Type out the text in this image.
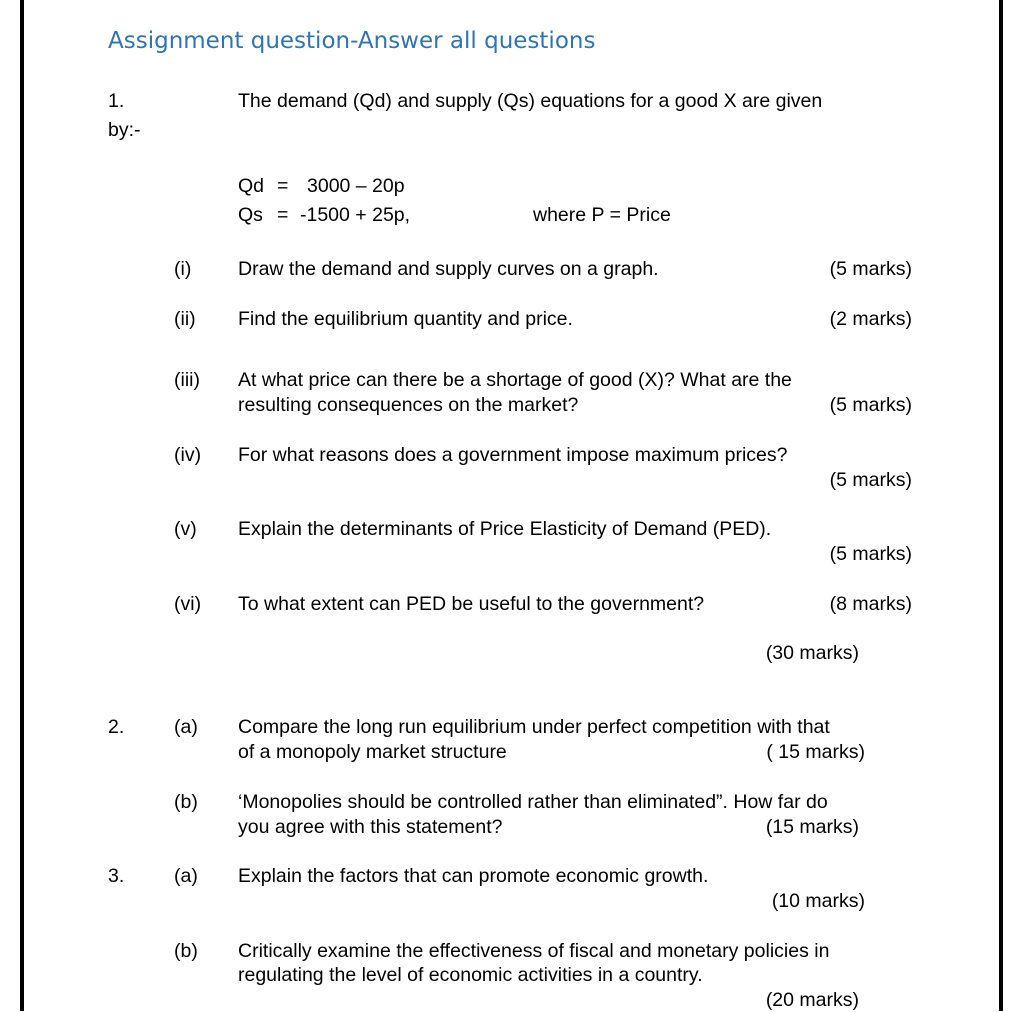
Assignment question-Answer all questions
1.	The demand (Qd) and supply (Qs) equations for a good X are given
by:-
Qd = 3000 – 20p
Qs = -1500 + 25p,	where P = Price
(i) Draw the demand and supply curves on a graph.	(5 marks)
(ii) Find the equilibrium quantity and price.	(2 marks)
(iii) At what price can there be a shortage of good (X)? What are the
resulting consequences on the market?	(5 marks)
(iv) For what reasons does a government impose maximum prices?
(5 marks)
(v) Explain the determinants of Price Elasticity of Demand (PED).
(5 marks)
(vi) To what extent can PED be useful to the government?	(8 marks)
(30 marks)
2.	(a) Compare the long run equilibrium under perfect competition with that
of a monopoly market structure	( 15 marks)
(b) ‘Monopolies should be controlled rather than eliminated”. How far do
you agree with this statement?	(15 marks)
3.	(a) Explain the factors that can promote economic growth.
(10 marks)
(b) Critically examine the effectiveness of fiscal and monetary policies in
regulating the level of economic activities in a country.
(20 marks)
